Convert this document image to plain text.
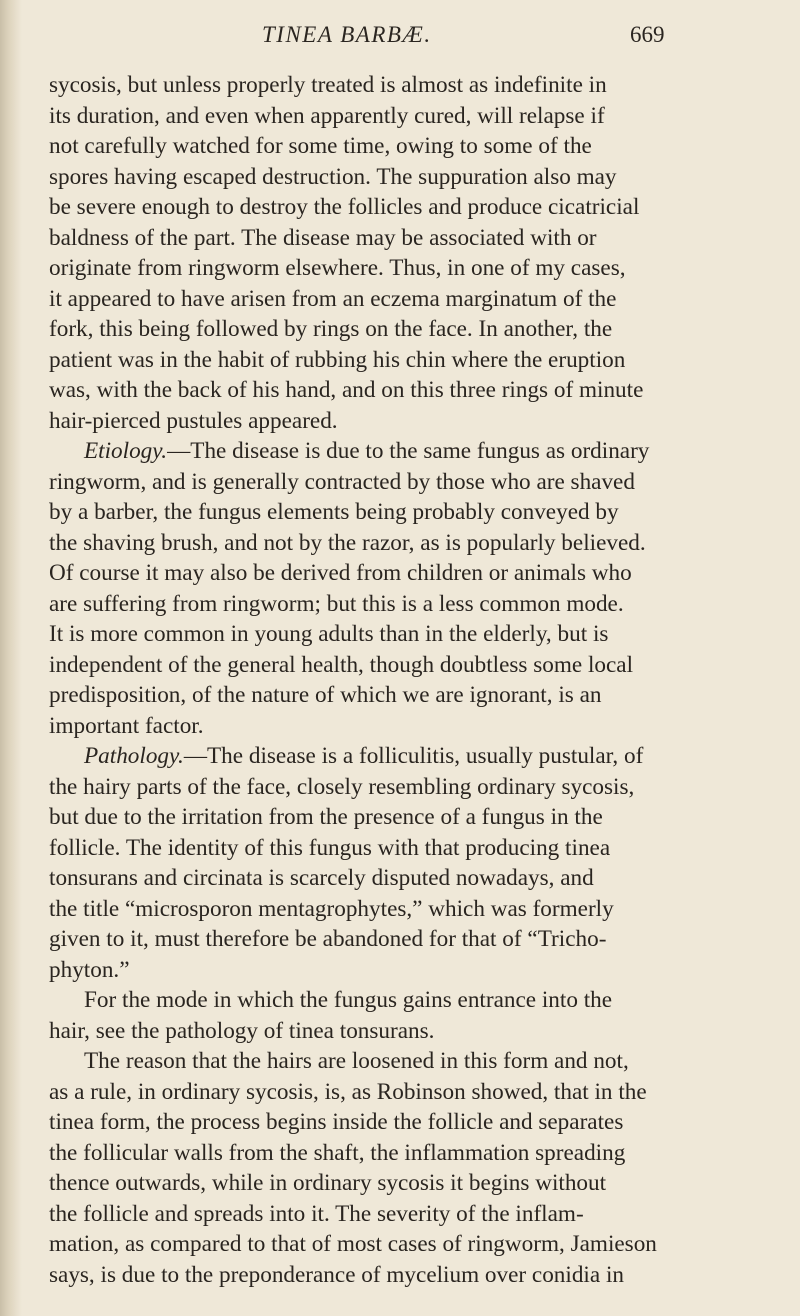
TINEA BARBÆ.	669
sycosis, but unless properly treated is almost as indefinite in
its duration, and even when apparently cured, will relapse if
not carefully watched for some time, owing to some of the
spores having escaped destruction. The suppuration also may
be severe enough to destroy the follicles and produce cicatricial
baldness of the part. The disease may be associated with or
originate from ringworm elsewhere. Thus, in one of my cases,
it appeared to have arisen from an eczema marginatum of the
fork, this being followed by rings on the face. In another, the
patient was in the habit of rubbing his chin where the eruption
was, with the back of his hand, and on this three rings of minute
hair-pierced pustules appeared.
Etiology. —The disease is due to the same fungus as ordinary
ringworm, and is generally contracted by those who are shaved
by a barber, the fungus elements being probably conveyed by
the shaving brush, and not by the razor, as is popularly believed.
Of course it may also be derived from children or animals who
are suffering from ringworm; but this is a less common mode.
It is more common in young adults than in the elderly, but is
independent of the general health, though doubtless some local
predisposition, of the nature of which we are ignorant, is an
important factor.
Pathology. —The disease is a folliculitis, usually pustular, of
the hairy parts of the face, closely resembling ordinary sycosis,
but due to the irritation from the presence of a fungus in the
follicle. The identity of this fungus with that producing tinea
tonsurans and circinata is scarcely disputed nowadays, and
the title “microsporon mentagrophytes,” which was formerly
given to it, must therefore be abandoned for that of “Tricho-
phyton.”
For the mode in which the fungus gains entrance into the
hair, see the pathology of tinea tonsurans.
The reason that the hairs are loosened in this form and not,
as a rule, in ordinary sycosis, is, as Robinson showed, that in the
tinea form, the process begins inside the follicle and separates
the follicular walls from the shaft, the inflammation spreading
thence outwards, while in ordinary sycosis it begins without
the follicle and spreads into it. The severity of the inflam-
mation, as compared to that of most cases of ringworm, Jamieson
says, is due to the preponderance of mycelium over conidia in
